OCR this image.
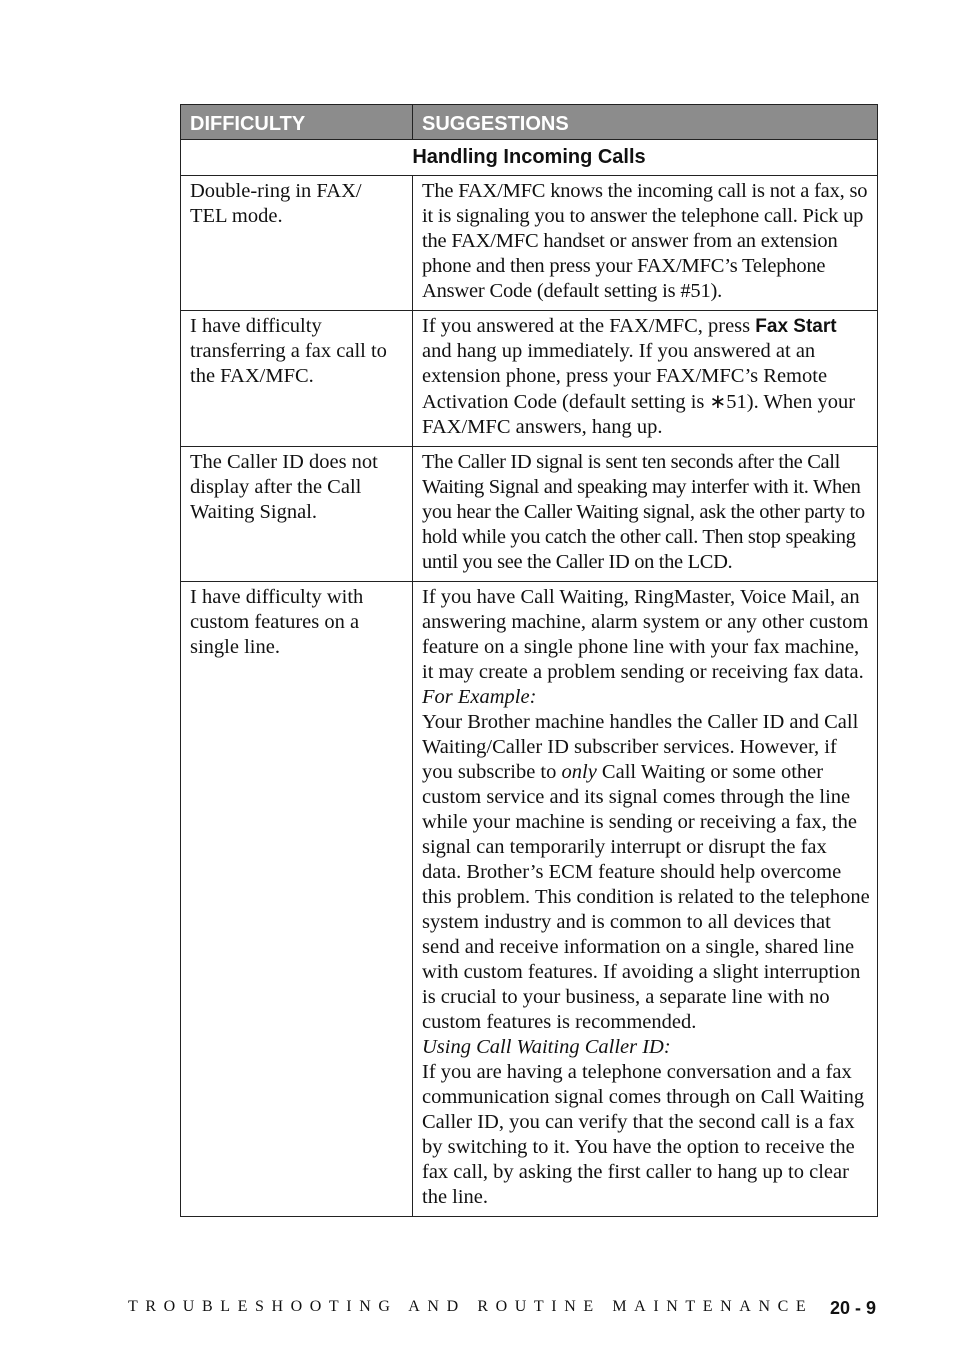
DIFFICULTY	SUGGESTIONS
Handling Incoming Calls	
Double-ring in FAX/ TEL mode.	The FAX/MFC knows the incoming call is not a fax, so it is signaling you to answer the telephone call. Pick up the FAX/MFC handset or answer from an extension phone and then press your FAX/MFC’s Telephone Answer Code (default setting is #51).
I have difficulty transferring a fax call to the FAX/MFC.	If you answered at the FAX/MFC, press Fax Start and hang up immediately. If you answered at an extension phone, press your FAX/MFC’s Remote Activation Code (default setting is ∗51). When your FAX/MFC answers, hang up.
The Caller ID does not display after the Call Waiting Signal.	The Caller ID signal is sent ten seconds after the Call Waiting Signal and speaking may interfer with it. When you hear the Caller Waiting signal, ask the other party to hold while you catch the other call. Then stop speaking until you see the Caller ID on the LCD.
I have difficulty with custom features on a single line.	If you have Call Waiting, RingMaster, Voice Mail, an answering machine, alarm system or any other custom feature on a single phone line with your fax machine, it may create a problem sending or receiving fax data.
For Example:
Your Brother machine handles the Caller ID and Call Waiting/Caller ID subscriber services. However, if you subscribe to only Call Waiting or some other custom service and its signal comes through the line while your machine is sending or receiving a fax, the signal can temporarily interrupt or disrupt the fax data. Brother’s ECM feature should help overcome this problem. This condition is related to the telephone system industry and is common to all devices that send and receive information on a single, shared line with custom features. If avoiding a slight interruption is crucial to your business, a separate line with no custom features is recommended.
Using Call Waiting Caller ID:
If you are having a telephone conversation and a fax communication signal comes through on Call Waiting Caller ID, you can verify that the second call is a fax by switching to it. You have the option to receive the fax call, by asking the first caller to hang up to clear the line.
TROUBLESHOOTING AND ROUTINE MAINTENANCE 20 - 9
